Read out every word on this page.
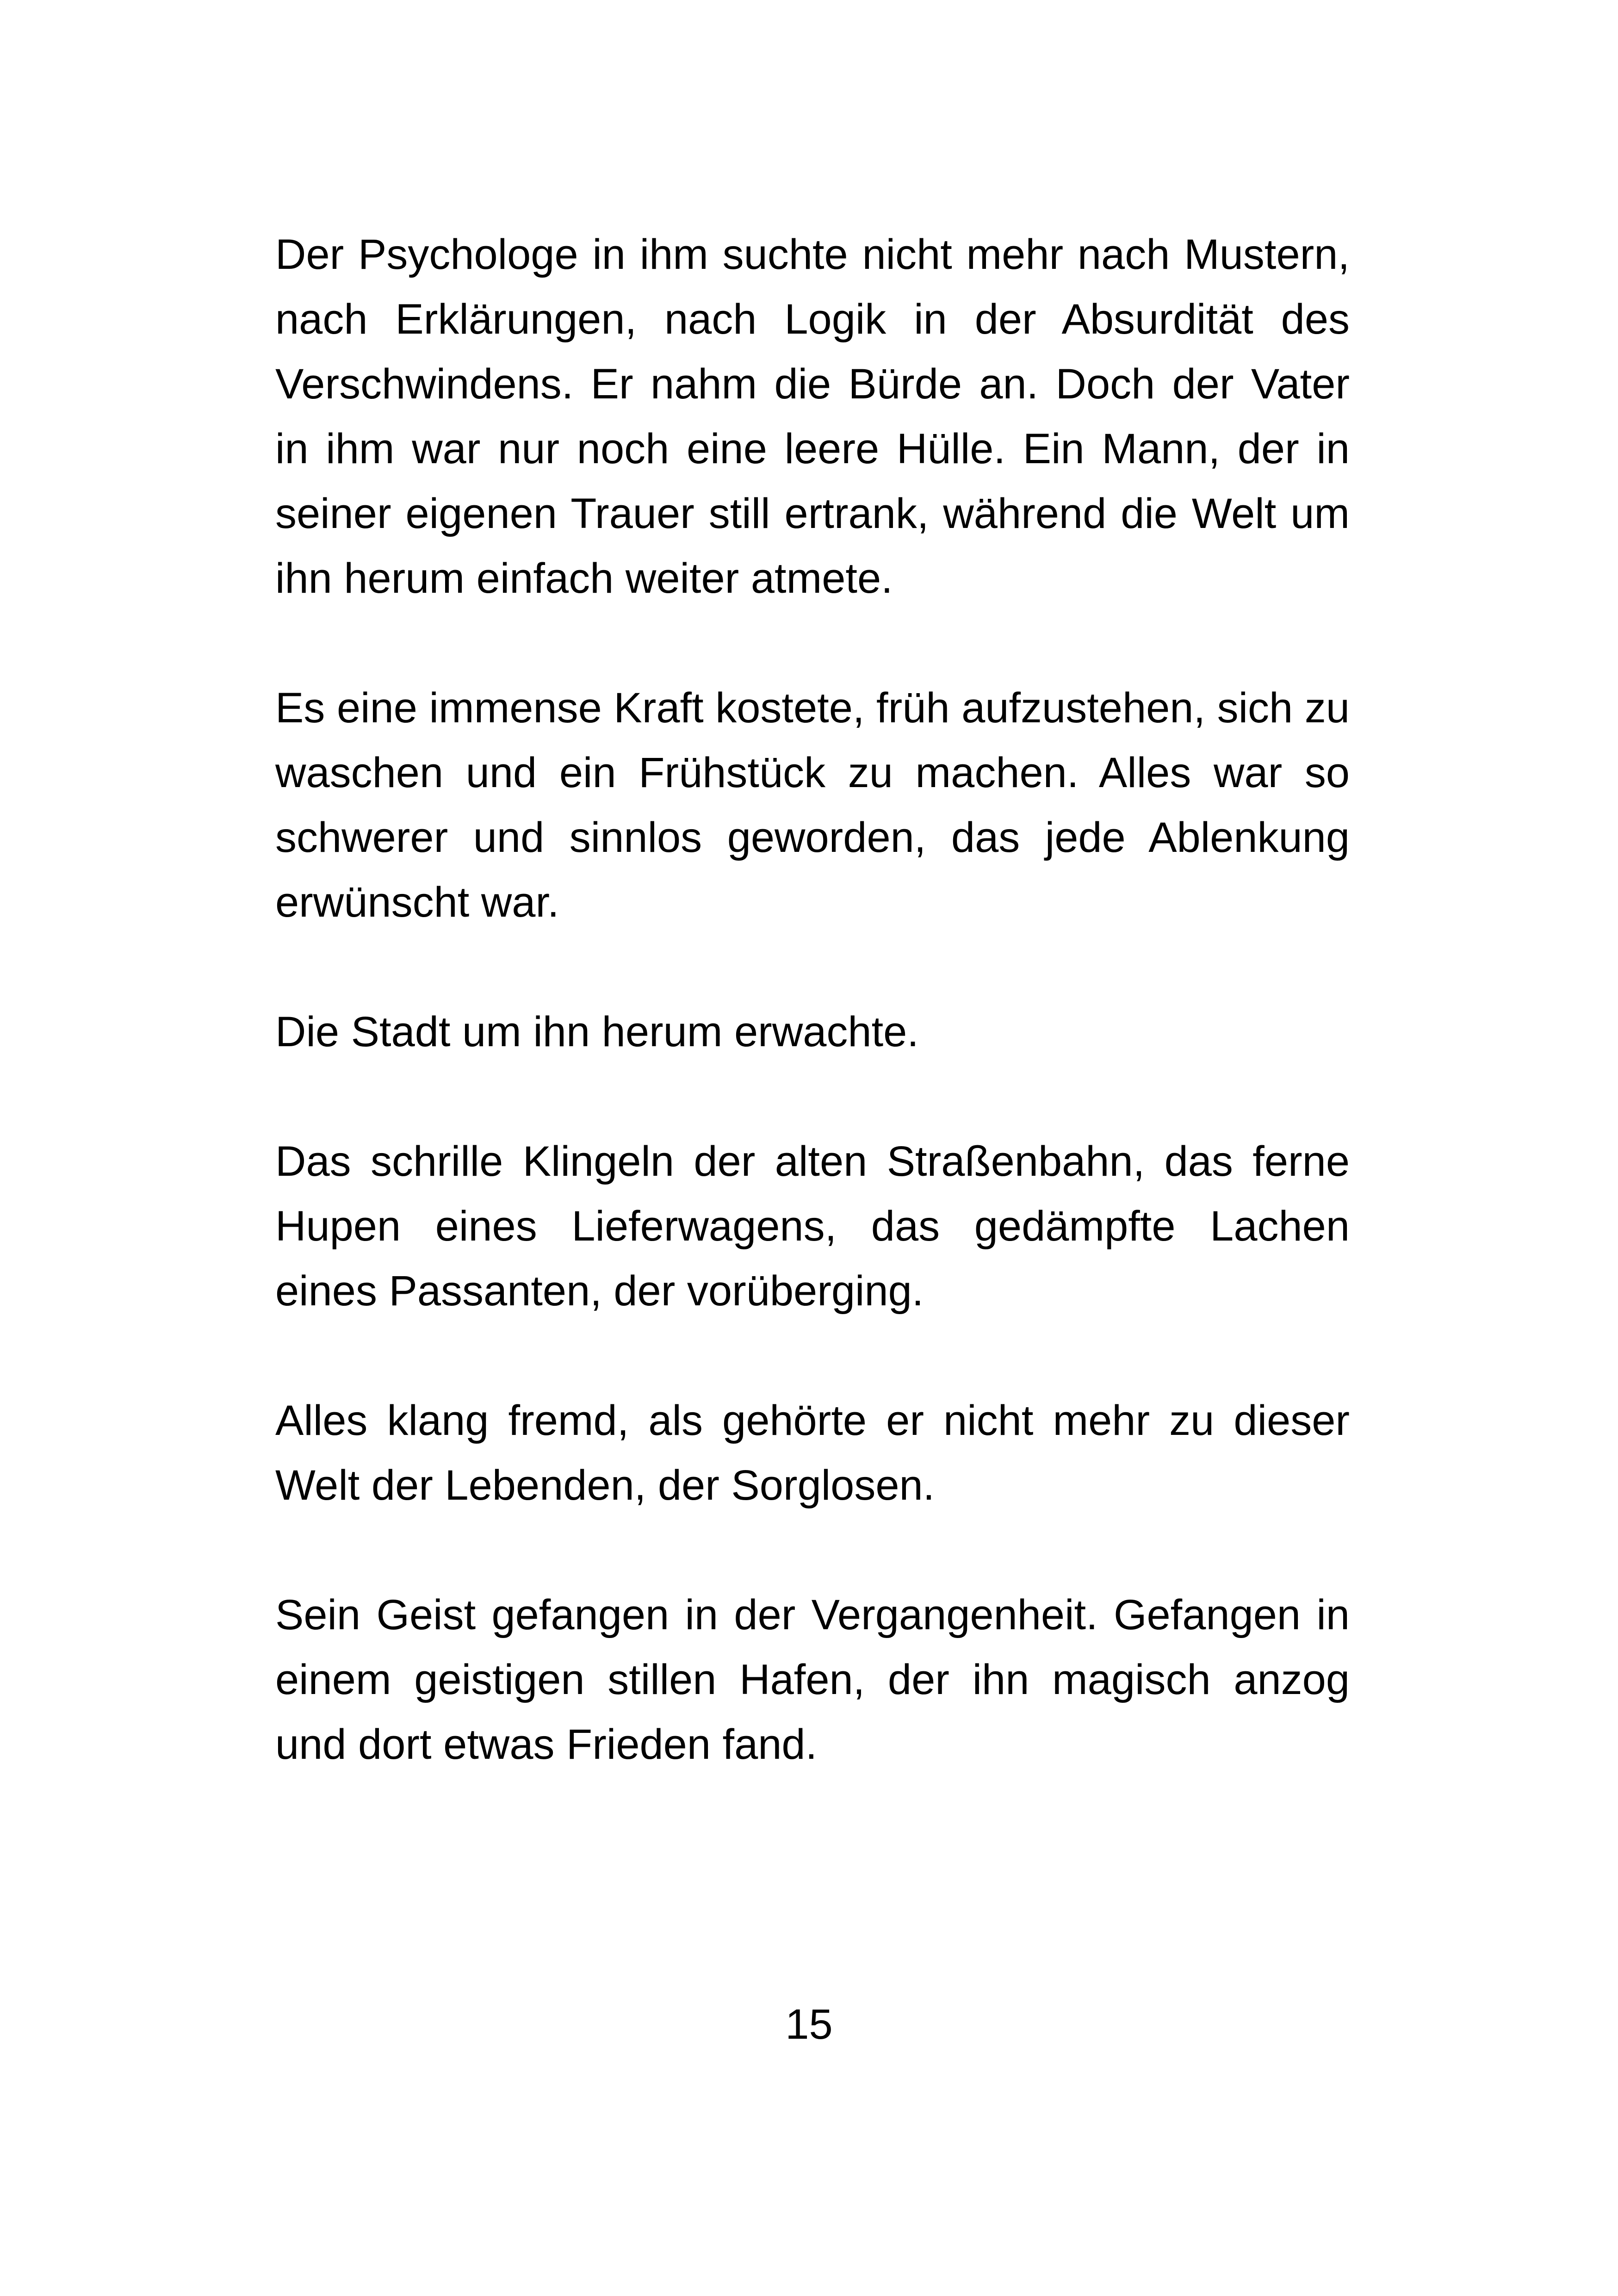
Der Psychologe in ihm suchte nicht mehr nach Mustern, nach Erklärungen, nach Logik in der Absurdität des Verschwindens. Er nahm die Bürde an. Doch der Vater in ihm war nur noch eine leere Hülle. Ein Mann, der in seiner eigenen Trauer still ertrank, während die Welt um ihn herum einfach weiter atmete.

Es eine immense Kraft kostete, früh aufzustehen, sich zu waschen und ein Frühstück zu machen. Alles war so schwerer und sinnlos geworden, das jede Ablenkung erwünscht war.

Die Stadt um ihn herum erwachte.

Das schrille Klingeln der alten Straßenbahn, das ferne Hupen eines Lieferwagens, das gedämpfte Lachen eines Passanten, der vorüberging.

Alles klang fremd, als gehörte er nicht mehr zu dieser Welt der Lebenden, der Sorglosen.

Sein Geist gefangen in der Vergangenheit. Gefangen in einem geistigen stillen Hafen, der ihn magisch anzog und dort etwas Frieden fand.

15
